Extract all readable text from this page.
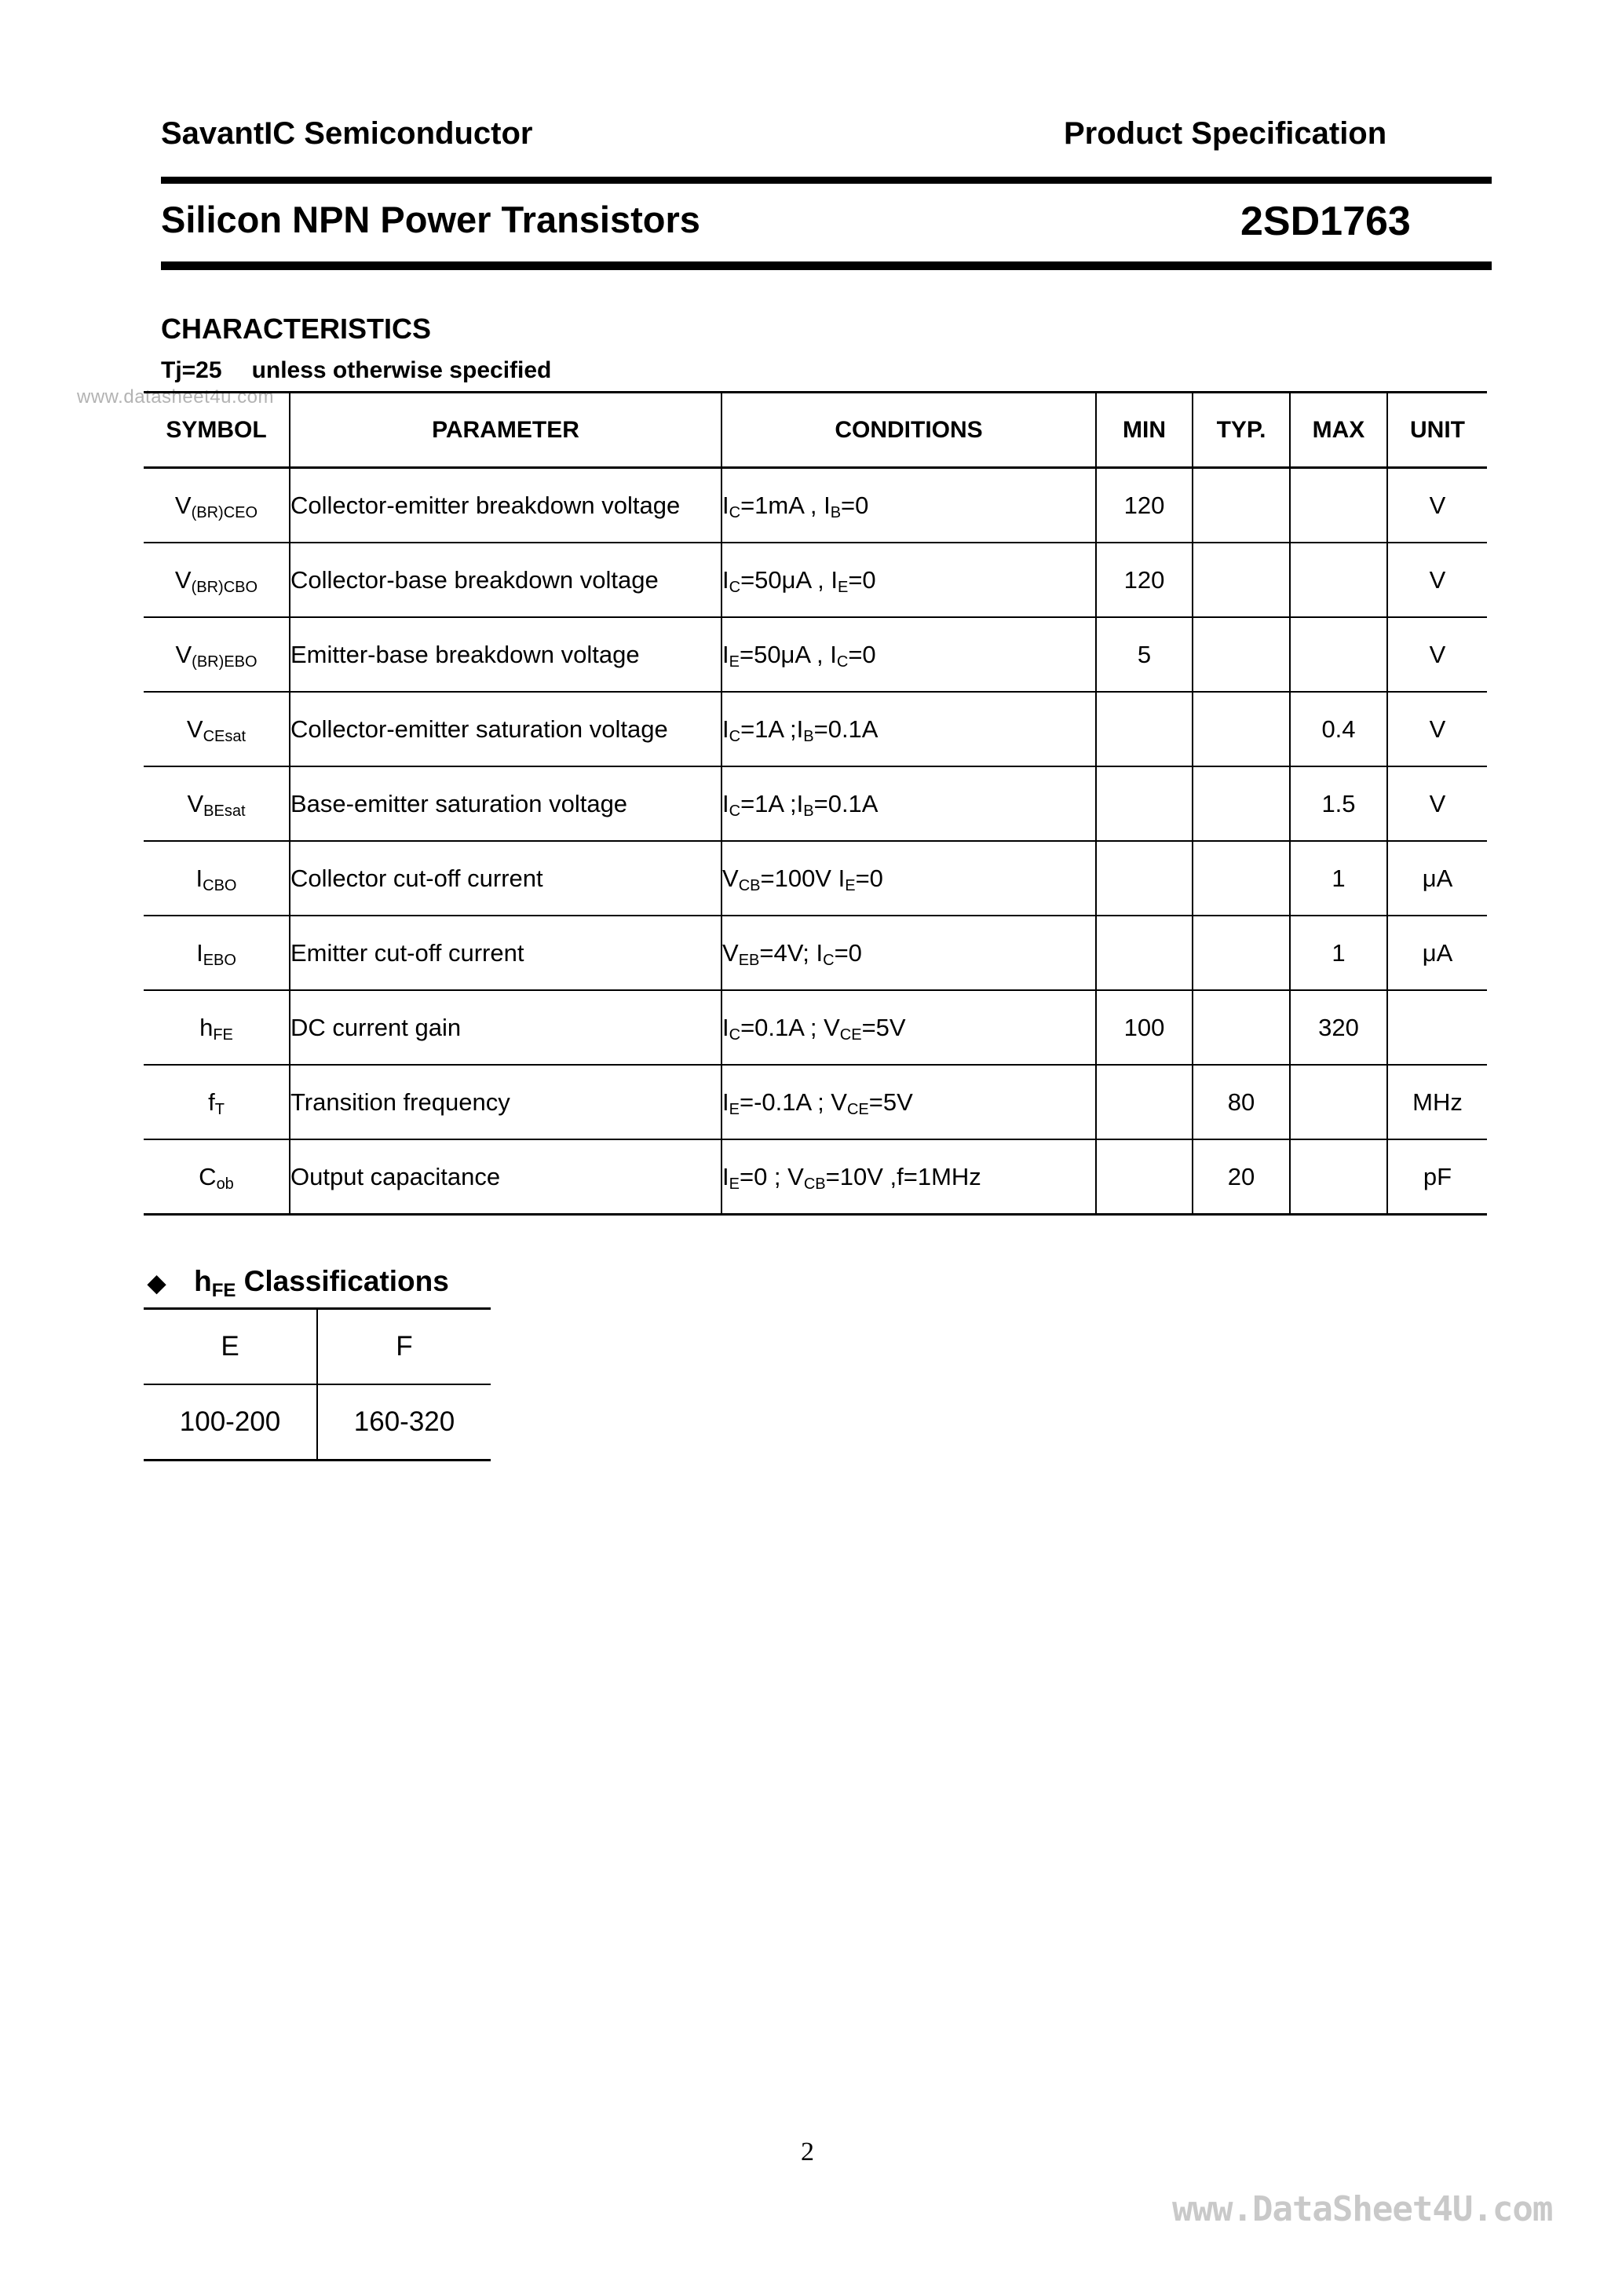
SavantIC Semiconductor	Product Specification
Silicon NPN Power Transistors	2SD1763
CHARACTERISTICS
Tj=25 unless otherwise specified
www.datasheet4u.com
SYMBOL	PARAMETER	CONDITIONS	MIN	TYP.	MAX	UNIT
$V_{(BR)CEO}$	Collector-emitter breakdown voltage	$I_C=1mA$ , $I_B=0$	120			V
$V_{(BR)CBO}$	Collector-base breakdown voltage	$I_C=50\mu A$ , $I_E=0$	120			V
$V_{(BR)EBO}$	Emitter-base breakdown voltage	$I_E=50\mu A$ , $I_C=0$	5			V
$V_{CEsat}$	Collector-emitter saturation voltage	$I_C=1A$ $;I_B=0.1A$			0.4	V
$V_{BEsat}$	Base-emitter saturation voltage	$I_C=1A$ $;I_B=0.1A$			1.5	V
$I_{CBO}$	Collector cut-off current	$V_{CB}=100V$ $I_E=0$			1	μA
$I_{EBO}$	Emitter cut-off current	$V_{EB}=4V$; $I_C=0$			1	μA
$h_{FE}$	DC current gain	$I_C=0.1A$ ; $V_{CE}=5V$	100		320	
$f_T$	Transition frequency	$I_E=-0.1A$ ; $V_{CE}=5V$		80		MHz
$C_{ob}$	Output capacitance	$I_E=0$ ; $V_{CB}=10V$ ,f=1MHz		20		pF
◆ $h_{FE}$ Classifications
E	F
100-200	160-320
2
www.DataSheet4U.com
